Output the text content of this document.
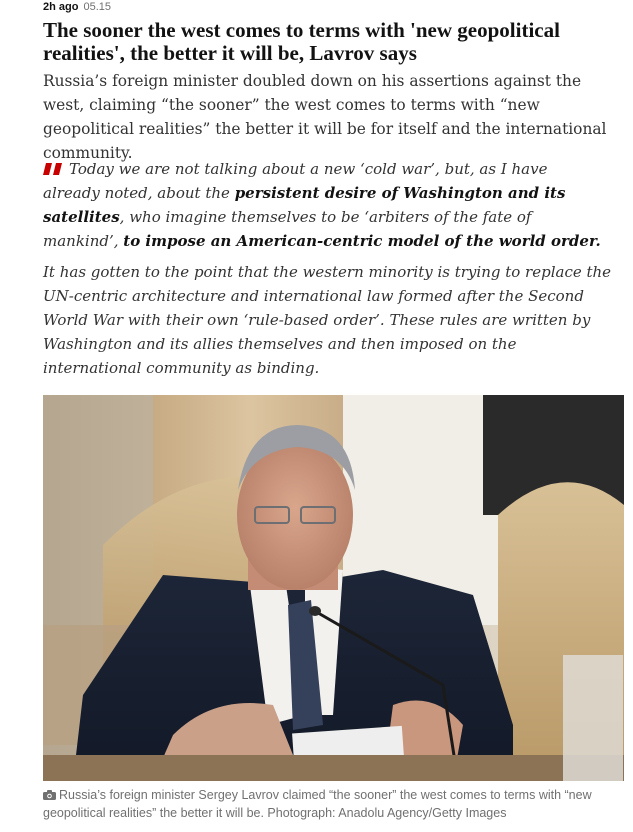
2h ago 05.15
The sooner the west comes to terms with 'new geopolitical realities', the better it will be, Lavrov says

Russia’s foreign minister doubled down on his assertions against the west, claiming “the sooner” the west comes to terms with “new geopolitical realities” the better it will be for itself and the international community.

Today we are not talking about a new ‘cold war’, but, as I have already noted, about the persistent desire of Washington and its satellites, who imagine themselves to be ‘arbiters of the fate of mankind’, to impose an American-centric model of the world order.

It has gotten to the point that the western minority is trying to replace the UN-centric architecture and international law formed after the Second World War with their own ‘rule-based order’. These rules are written by Washington and its allies themselves and then imposed on the international community as binding.

Russia’s foreign minister Sergey Lavrov claimed “the sooner” the west comes to terms with “new geopolitical realities” the better it will be. Photograph: Anadolu Agency/Getty Images
